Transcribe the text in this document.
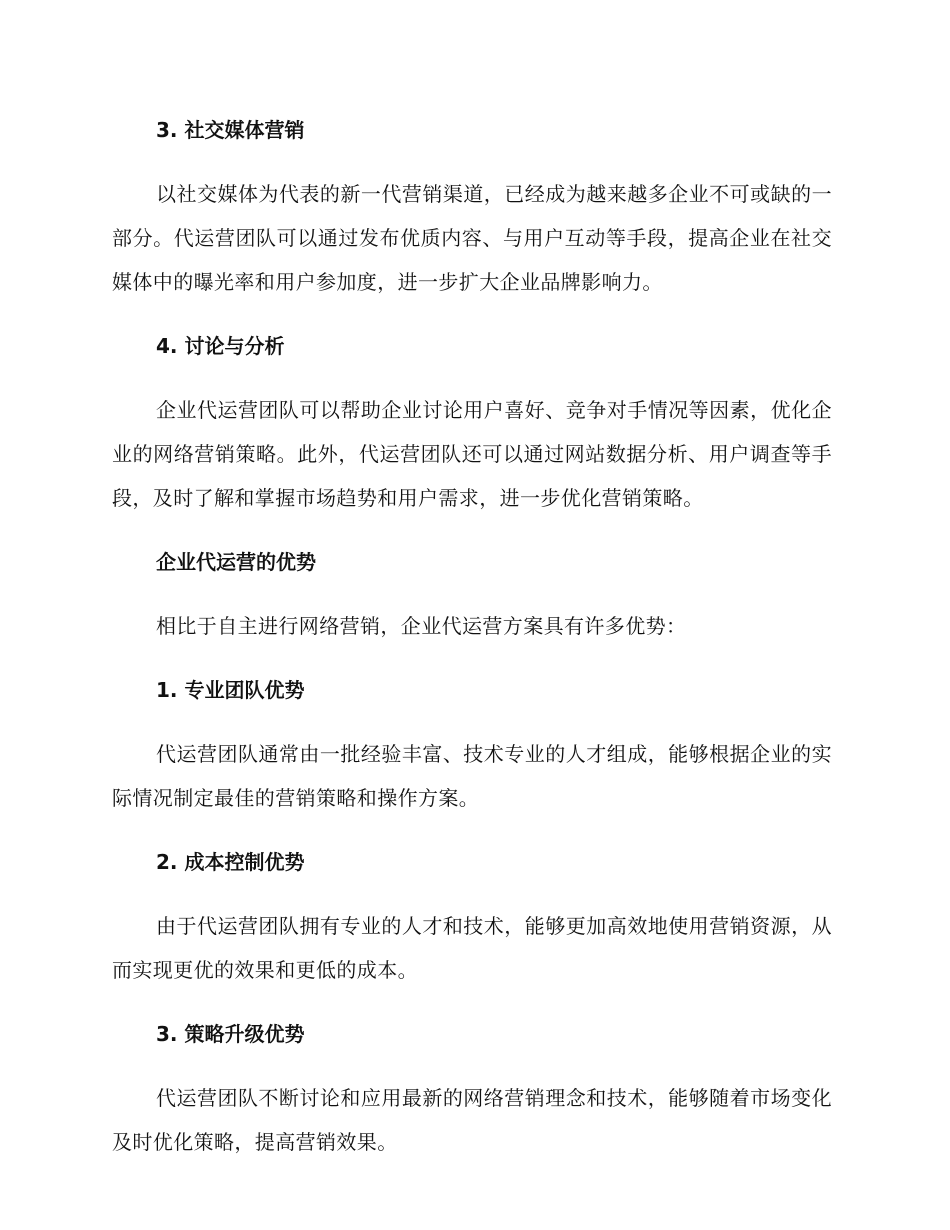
3. 社交媒体营销

以社交媒体为代表的新一代营销渠道，已经成为越来越多企业不可或缺的一部分。代运营团队可以通过发布优质内容、与用户互动等手段，提高企业在社交媒体中的曝光率和用户参加度，进一步扩大企业品牌影响力。

4. 讨论与分析

企业代运营团队可以帮助企业讨论用户喜好、竞争对手情况等因素，优化企业的网络营销策略。此外，代运营团队还可以通过网站数据分析、用户调查等手段，及时了解和掌握市场趋势和用户需求，进一步优化营销策略。

企业代运营的优势

相比于自主进行网络营销，企业代运营方案具有许多优势：

1. 专业团队优势

代运营团队通常由一批经验丰富、技术专业的人才组成，能够根据企业的实际情况制定最佳的营销策略和操作方案。

2. 成本控制优势

由于代运营团队拥有专业的人才和技术，能够更加高效地使用营销资源，从而实现更优的效果和更低的成本。

3. 策略升级优势

代运营团队不断讨论和应用最新的网络营销理念和技术，能够随着市场变化及时优化策略，提高营销效果。
